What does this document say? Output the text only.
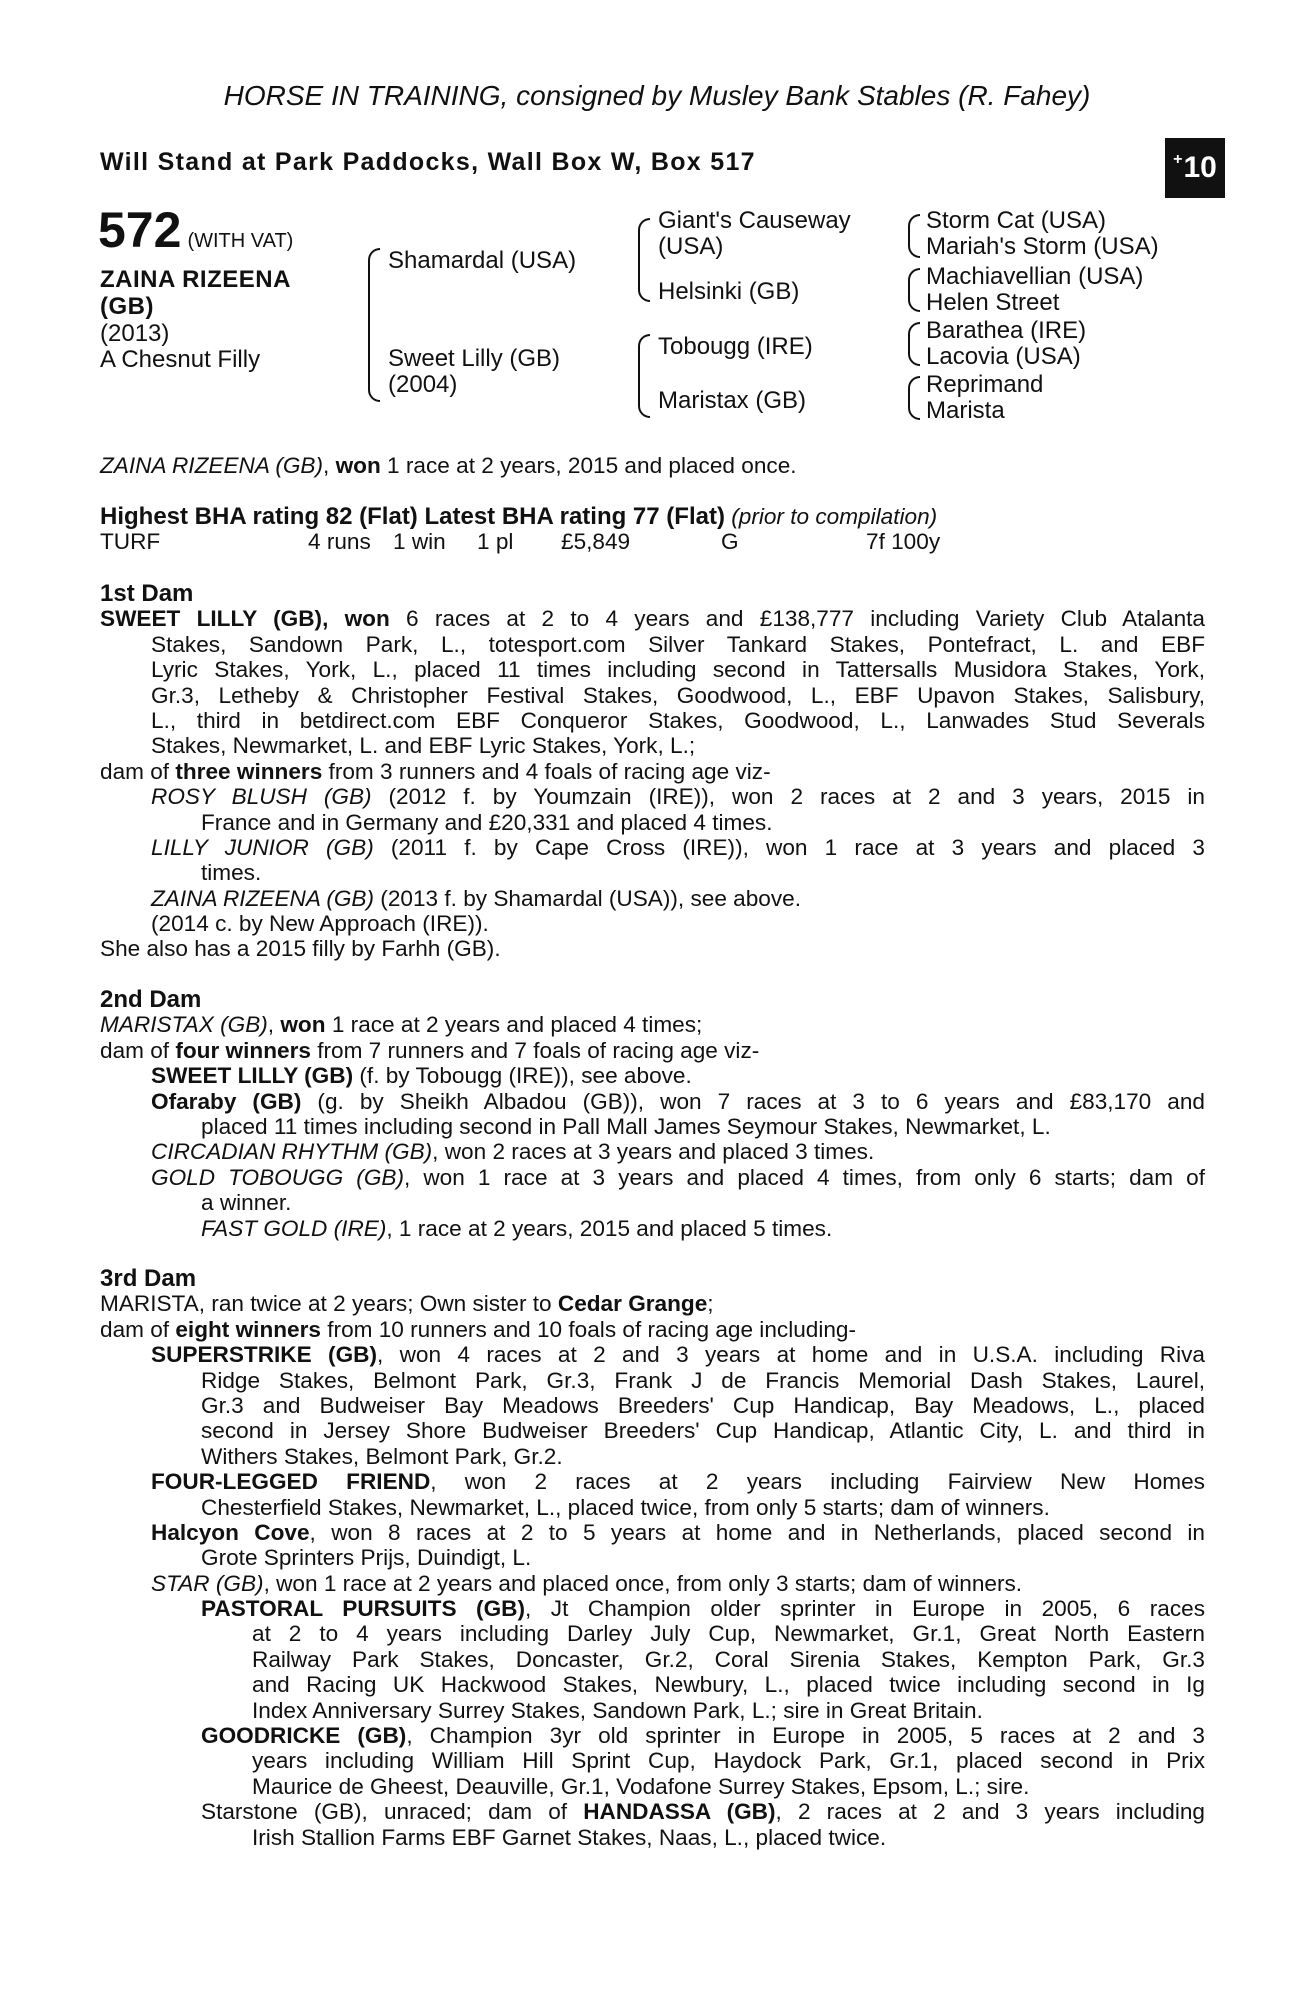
HORSE IN TRAINING, consigned by Musley Bank Stables (R. Fahey)
Will Stand at Park Paddocks, Wall Box W, Box 517	+ 10
572 (WITH VAT)
ZAINA RIZEENA
(GB)
(2013)
A Chesnut Filly
Shamardal (USA)
Sweet Lilly (GB)
(2004)
Giant's Causeway
(USA)
Helsinki (GB)
Tobougg (IRE)
Maristax (GB)
Storm Cat (USA)
Mariah's Storm (USA)
Machiavellian (USA)
Helen Street
Barathea (IRE)
Lacovia (USA)
Reprimand
Marista
ZAINA RIZEENA (GB), won 1 race at 2 years, 2015 and placed once.
Highest BHA rating 82 (Flat) Latest BHA rating 77 (Flat) (prior to compilation)
TURF	4 runs 1 win 1 pl £5,849	G	7f 100y
1st Dam
SWEET LILLY (GB), won 6 races at 2 to 4 years and £138,777 including Variety Club Atalanta
Stakes, Sandown Park, L., totesport.com Silver Tankard Stakes, Pontefract, L. and EBF
Lyric Stakes, York, L., placed 11 times including second in Tattersalls Musidora Stakes, York,
Gr.3, Letheby & Christopher Festival Stakes, Goodwood, L., EBF Upavon Stakes, Salisbury,
L., third in betdirect.com EBF Conqueror Stakes, Goodwood, L., Lanwades Stud Severals
Stakes, Newmarket, L. and EBF Lyric Stakes, York, L.;
dam of three winners from 3 runners and 4 foals of racing age viz-
ROSY BLUSH (GB) (2012 f. by Youmzain (IRE)), won 2 races at 2 and 3 years, 2015 in
France and in Germany and £20,331 and placed 4 times.
LILLY JUNIOR (GB) (2011 f. by Cape Cross (IRE)), won 1 race at 3 years and placed 3
times.
ZAINA RIZEENA (GB) (2013 f. by Shamardal (USA)), see above.
(2014 c. by New Approach (IRE)).
She also has a 2015 filly by Farhh (GB).
2nd Dam
MARISTAX (GB), won 1 race at 2 years and placed 4 times;
dam of four winners from 7 runners and 7 foals of racing age viz-
SWEET LILLY (GB) (f. by Tobougg (IRE)), see above.
Ofaraby (GB) (g. by Sheikh Albadou (GB)), won 7 races at 3 to 6 years and £83,170 and
placed 11 times including second in Pall Mall James Seymour Stakes, Newmarket, L.
CIRCADIAN RHYTHM (GB), won 2 races at 3 years and placed 3 times.
GOLD TOBOUGG (GB), won 1 race at 3 years and placed 4 times, from only 6 starts; dam of
a winner.
FAST GOLD (IRE), 1 race at 2 years, 2015 and placed 5 times.
3rd Dam
MARISTA, ran twice at 2 years; Own sister to Cedar Grange;
dam of eight winners from 10 runners and 10 foals of racing age including-
SUPERSTRIKE (GB), won 4 races at 2 and 3 years at home and in U.S.A. including Riva
Ridge Stakes, Belmont Park, Gr.3, Frank J de Francis Memorial Dash Stakes, Laurel,
Gr.3 and Budweiser Bay Meadows Breeders' Cup Handicap, Bay Meadows, L., placed
second in Jersey Shore Budweiser Breeders' Cup Handicap, Atlantic City, L. and third in
Withers Stakes, Belmont Park, Gr.2.
FOUR-LEGGED FRIEND, won 2 races at 2 years including Fairview New Homes
Chesterfield Stakes, Newmarket, L., placed twice, from only 5 starts; dam of winners.
Halcyon Cove, won 8 races at 2 to 5 years at home and in Netherlands, placed second in
Grote Sprinters Prijs, Duindigt, L.
STAR (GB), won 1 race at 2 years and placed once, from only 3 starts; dam of winners.
PASTORAL PURSUITS (GB), Jt Champion older sprinter in Europe in 2005, 6 races
at 2 to 4 years including Darley July Cup, Newmarket, Gr.1, Great North Eastern
Railway Park Stakes, Doncaster, Gr.2, Coral Sirenia Stakes, Kempton Park, Gr.3
and Racing UK Hackwood Stakes, Newbury, L., placed twice including second in Ig
Index Anniversary Surrey Stakes, Sandown Park, L.; sire in Great Britain.
GOODRICKE (GB), Champion 3yr old sprinter in Europe in 2005, 5 races at 2 and 3
years including William Hill Sprint Cup, Haydock Park, Gr.1, placed second in Prix
Maurice de Gheest, Deauville, Gr.1, Vodafone Surrey Stakes, Epsom, L.; sire.
Starstone (GB), unraced; dam of HANDASSA (GB), 2 races at 2 and 3 years including
Irish Stallion Farms EBF Garnet Stakes, Naas, L., placed twice.
